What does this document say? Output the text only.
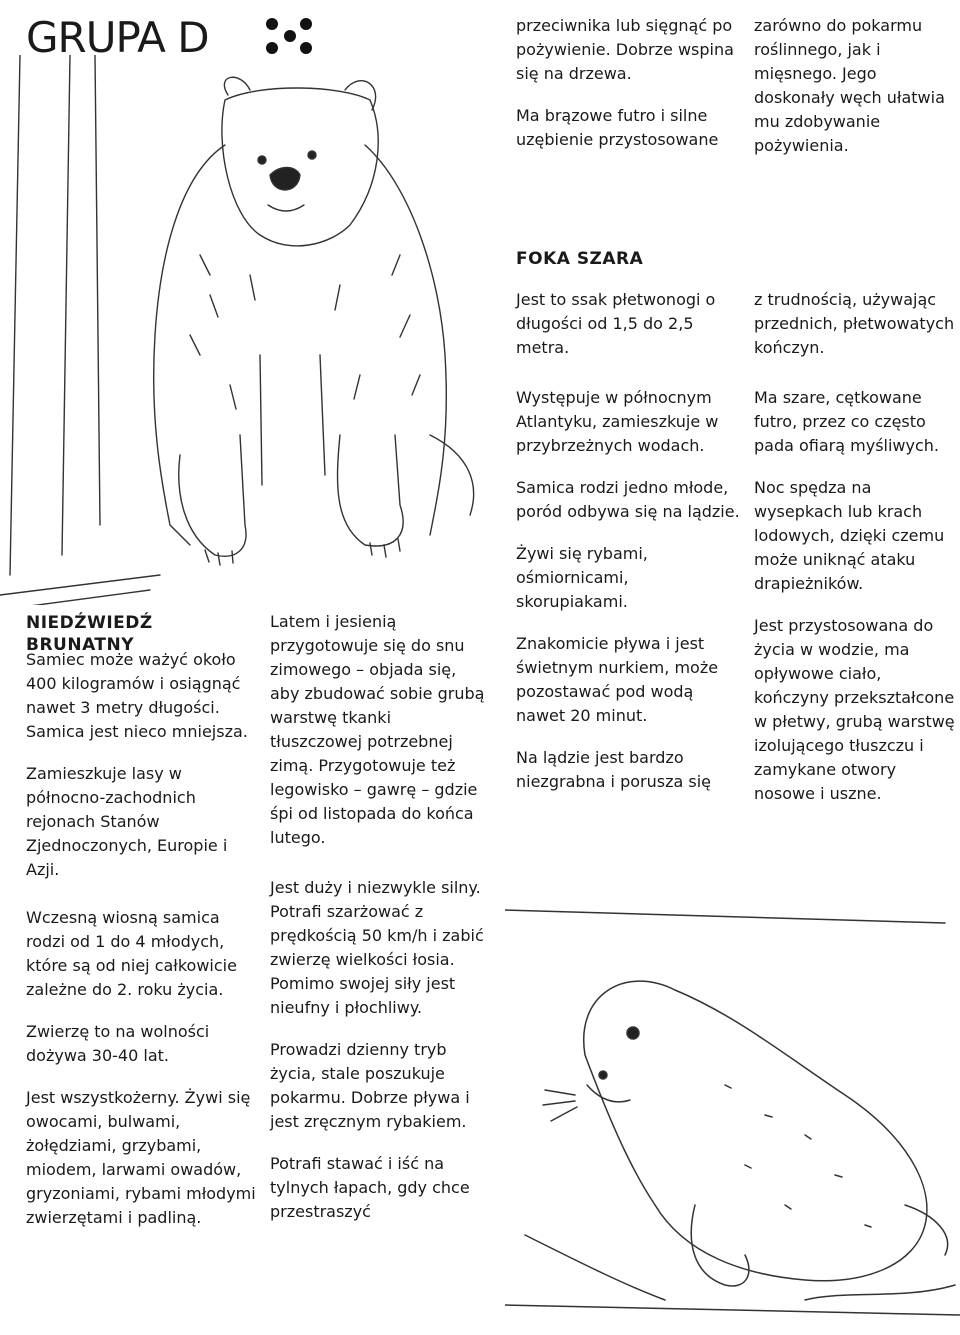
GRUPA D
NIEDŹWIEDŹ BRUNATNY

Samiec może ważyć około 400 kilogramów i osiągnąć nawet 3 metry długości. Samica jest nieco mniejsza.

Zamieszkuje lasy w północno-zachodnich rejonach Stanów Zjednoczonych, Europie i Azji.

Wczesną wiosną samica rodzi od 1 do 4 młodych, które są od niej całkowicie zależne do 2. roku życia.

Zwierzę to na wolności dożywa 30-40 lat.

Jest wszystkożerny. Żywi się owocami, bulwami, żołędziami, grzybami, miodem, larwami owadów, gryzoniami, rybami młodymi zwierzętami i padliną.

Latem i jesienią przygotowuje się do snu zimowego – objada się, aby zbudować sobie grubą warstwę tkanki tłuszczowej potrzebnej zimą. Przygotowuje też legowisko – gawrę – gdzie śpi od listopada do końca lutego.

Jest duży i niezwykle silny. Potrafi szarżować z prędkością 50 km/h i zabić zwierzę wielkości łosia. Pomimo swojej siły jest nieufny i płochliwy.

Prowadzi dzienny tryb życia, stale poszukuje pokarmu. Dobrze pływa i jest zręcznym rybakiem.

Potrafi stawać i iść na tylnych łapach, gdy chce przestraszyć

przeciwnika lub sięgnąć po pożywienie. Dobrze wspina się na drzewa.

Ma brązowe futro i silne uzębienie przystosowane

zarówno do pokarmu roślinnego, jak i mięsnego. Jego doskonały węch ułatwia mu zdobywanie pożywienia.

FOKA SZARA

Jest to ssak płetwonogi o długości od 1,5 do 2,5 metra.

Występuje w północnym Atlantyku, zamieszkuje w przybrzeżnych wodach.

Samica rodzi jedno młode, poród odbywa się na lądzie.

Żywi się rybami, ośmiornicami, skorupiakami.

Znakomicie pływa i jest świetnym nurkiem, może pozostawać pod wodą nawet 20 minut.

Na lądzie jest bardzo niezgrabna i porusza się

z trudnością, używając przednich, płetwowatych kończyn.

Ma szare, cętkowane futro, przez co często pada ofiarą myśliwych.

Noc spędza na wysepkach lub krach lodowych, dzięki czemu może uniknąć ataku drapieżników.

Jest przystosowana do życia w wodzie, ma opływowe ciało, kończyny przekształcone w płetwy, grubą warstwę izolującego tłuszczu i zamykane otwory nosowe i uszne.
